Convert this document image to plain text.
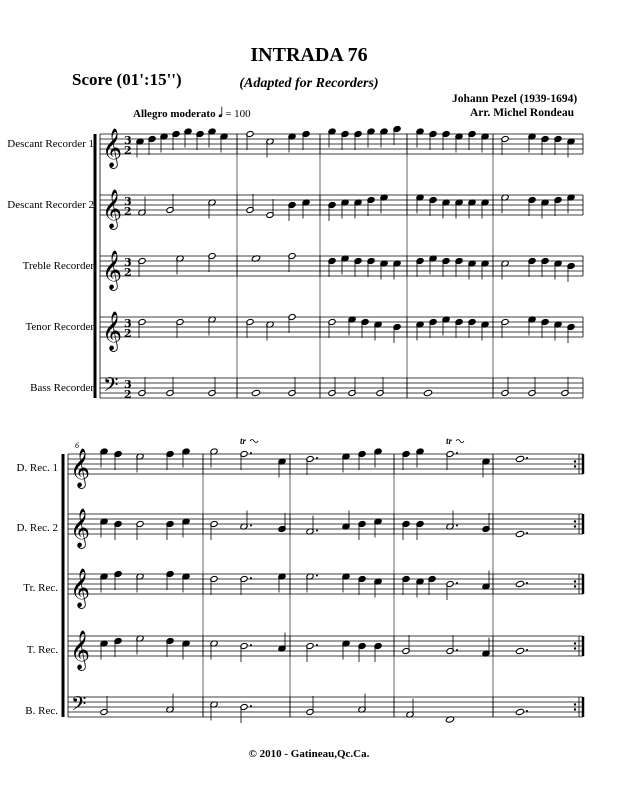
INTRADA 76
(Adapted for Recorders)
Score (01':15'')
Johann Pezel (1939-1694)
Arr. Michel Rondeau
Allegro moderato 𝅗𝅥 = 100
Descant Recorder 1
Descant Recorder 2
Treble Recorder
Tenor Recorder
Bass Recorder
D. Rec. 1
D. Rec. 2
Tr. Rec.
T. Rec.
B. Rec.
© 2010 - Gatineau,Qc.Ca.
𝄞 3
2
𝄞 3
2
𝄞 3
2
𝄞 3
2
𝄢 3
2
𝄞
𝄞
𝄞
𝄞
𝄢
tr	tr
6
